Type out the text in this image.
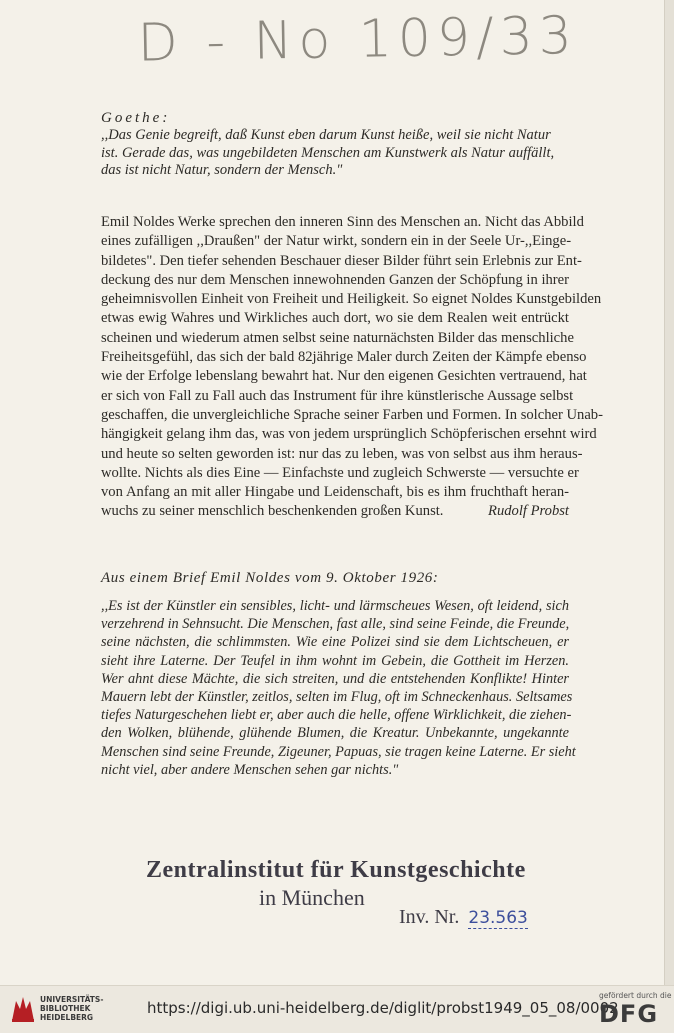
D - No 109/33
Goethe:
,,Das Genie begreift, daß Kunst eben darum Kunst heiße, weil sie nicht Natur
ist. Gerade das, was ungebildeten Menschen am Kunstwerk als Natur auffällt,
das ist nicht Natur, sondern der Mensch."
Emil Noldes Werke sprechen den inneren Sinn des Menschen an. Nicht das Abbild
eines zufälligen ,,Draußen" der Natur wirkt, sondern ein in der Seele Ur-,,Einge-
bildetes". Den tiefer sehenden Beschauer dieser Bilder führt sein Erlebnis zur Ent-
deckung des nur dem Menschen innewohnenden Ganzen der Schöpfung in ihrer
geheimnisvollen Einheit von Freiheit und Heiligkeit. So eignet Noldes Kunstgebilden
etwas ewig Wahres und Wirkliches auch dort, wo sie dem Realen weit entrückt
scheinen und wiederum atmen selbst seine naturnächsten Bilder das menschliche
Freiheitsgefühl, das sich der bald 82jährige Maler durch Zeiten der Kämpfe ebenso
wie der Erfolge lebenslang bewahrt hat. Nur den eigenen Gesichten vertrauend, hat
er sich von Fall zu Fall auch das Instrument für ihre künstlerische Aussage selbst
geschaffen, die unvergleichliche Sprache seiner Farben und Formen. In solcher Unab-
hängigkeit gelang ihm das, was von jedem ursprünglich Schöpferischen ersehnt wird
und heute so selten geworden ist: nur das zu leben, was von selbst aus ihm heraus-
wollte. Nichts als dies Eine — Einfachste und zugleich Schwerste — versuchte er
von Anfang an mit aller Hingabe und Leidenschaft, bis es ihm fruchthaft heran-
wuchs zu seiner menschlich beschenkenden großen Kunst.	Rudolf Probst
Aus einem Brief Emil Noldes vom 9. Oktober 1926:
,,Es ist der Künstler ein sensibles, licht- und lärmscheues Wesen, oft leidend, sich
verzehrend in Sehnsucht. Die Menschen, fast alle, sind seine Feinde, die Freunde,
seine nächsten, die schlimmsten. Wie eine Polizei sind sie dem Lichtscheuen, er
sieht ihre Laterne. Der Teufel in ihm wohnt im Gebein, die Gottheit im Herzen.
Wer ahnt diese Mächte, die sich streiten, und die entstehenden Konflikte! Hinter
Mauern lebt der Künstler, zeitlos, selten im Flug, oft im Schneckenhaus. Seltsames
tiefes Naturgeschehen liebt er, aber auch die helle, offene Wirklichkeit, die ziehen-
den Wolken, blühende, glühende Blumen, die Kreatur. Unbekannte, ungekannte
Menschen sind seine Freunde, Zigeuner, Papuas, sie tragen keine Laterne. Er sieht
nicht viel, aber andere Menschen sehen gar nichts."
Zentralinstitut für Kunstgeschichte
in München
Inv. Nr. 23.563
UNIVERSITÄTS-
BIBLIOTHEK
HEIDELBERG
https://digi.ub.uni-heidelberg.de/diglit/probst1949_05_08/0002
gefördert durch die
DFG
